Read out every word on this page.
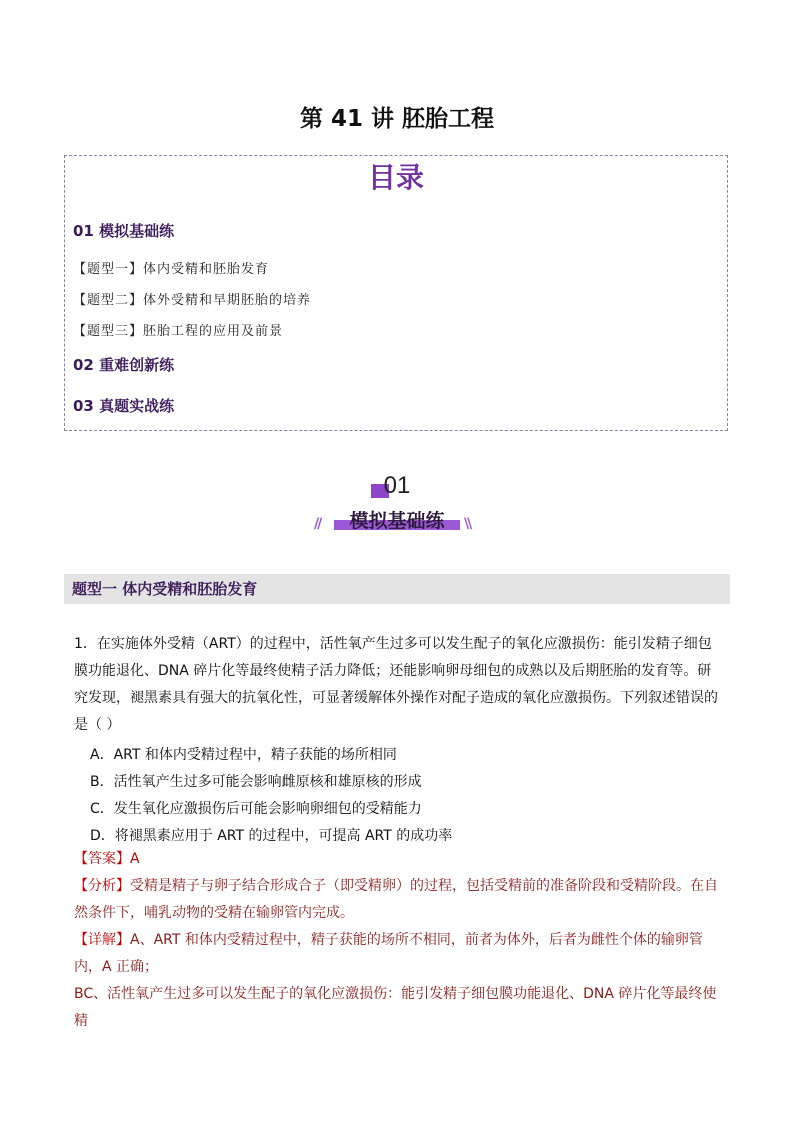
第 41 讲 胚胎工程
目录
01 模拟基础练
【题型一】体内受精和胚胎发育
【题型二】体外受精和早期胚胎的培养
【题型三】胚胎工程的应用及前景
02 重难创新练
03 真题实战练
01
//	模拟基础练	\\
题型一 体内受精和胚胎发育
1．在实施体外受精（ART）的过程中，活性氧产生过多可以发生配子的氧化应激损伤：能引发精子细包膜功能退化、DNA 碎片化等最终使精子活力降低；还能影响卵母细包的成熟以及后期胚胎的发育等。研究发现，褪黑素具有强大的抗氧化性，可显著缓解体外操作对配子造成的氧化应激损伤。下列叙述错误的是（ ）
A．ART 和体内受精过程中，精子获能的场所相同
B．活性氧产生过多可能会影响雌原核和雄原核的形成
C．发生氧化应激损伤后可能会影响卵细包的受精能力
D．将褪黑素应用于 ART 的过程中，可提高 ART 的成功率
【答案】A
【分析】受精是精子与卵子结合形成合子（即受精卵）的过程，包括受精前的准备阶段和受精阶段。在自然条件下，哺乳动物的受精在输卵管内完成。
【详解】A、ART 和体内受精过程中，精子获能的场所不相同，前者为体外，后者为雌性个体的输卵管内，A 正确；
BC、活性氧产生过多可以发生配子的氧化应激损伤：能引发精子细包膜功能退化、DNA 碎片化等最终使精
